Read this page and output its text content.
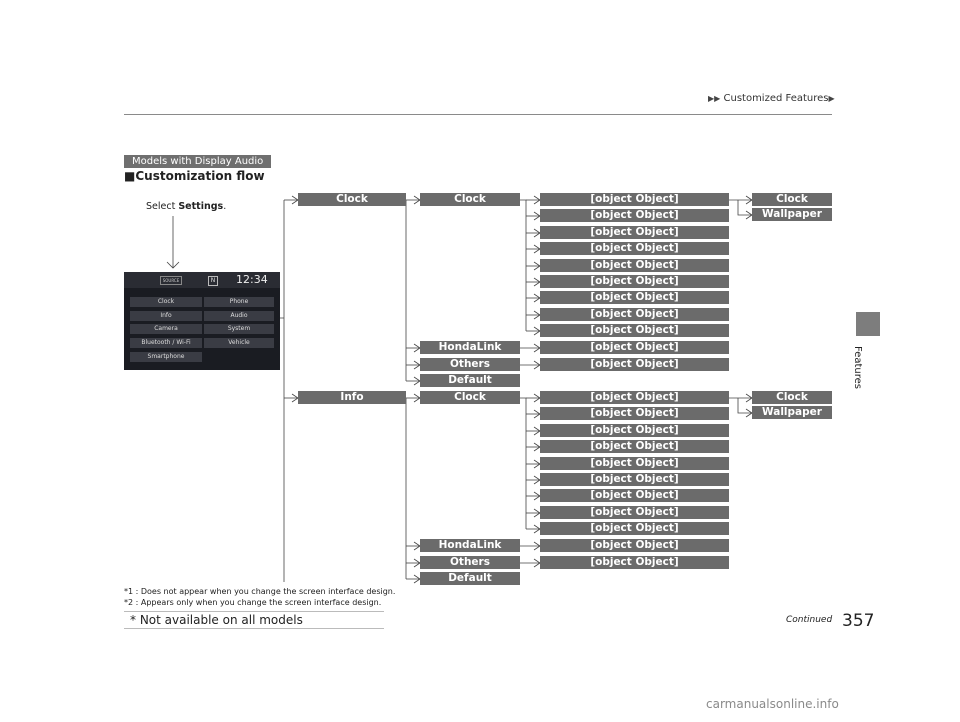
▶▶ Customized Features▶
Features
Models with Display Audio
■Customization flow
Select Settings.
SOURCE	N 12:34
Clock	Phone
Info	Audio
Camera	System
Bluetooth / Wi-Fi	Vehicle
Smartphone
Clock	Clock
HondaLink
Others
Default
[object Object]
[object Object]
[object Object]
[object Object]
[object Object]
[object Object]
[object Object]
[object Object]
[object Object]
[object Object]
[object Object]
Clock
Wallpaper
Info	Clock
HondaLink
Others
Default
[object Object]
[object Object]
[object Object]
[object Object]
[object Object]
[object Object]
[object Object]
[object Object]
[object Object]
[object Object]
[object Object]
Clock
Wallpaper
*1 : Does not appear when you change the screen interface design.
*2 : Appears only when you change the screen interface design.
Continued 357
* Not available on all models
carmanualsonline.info
